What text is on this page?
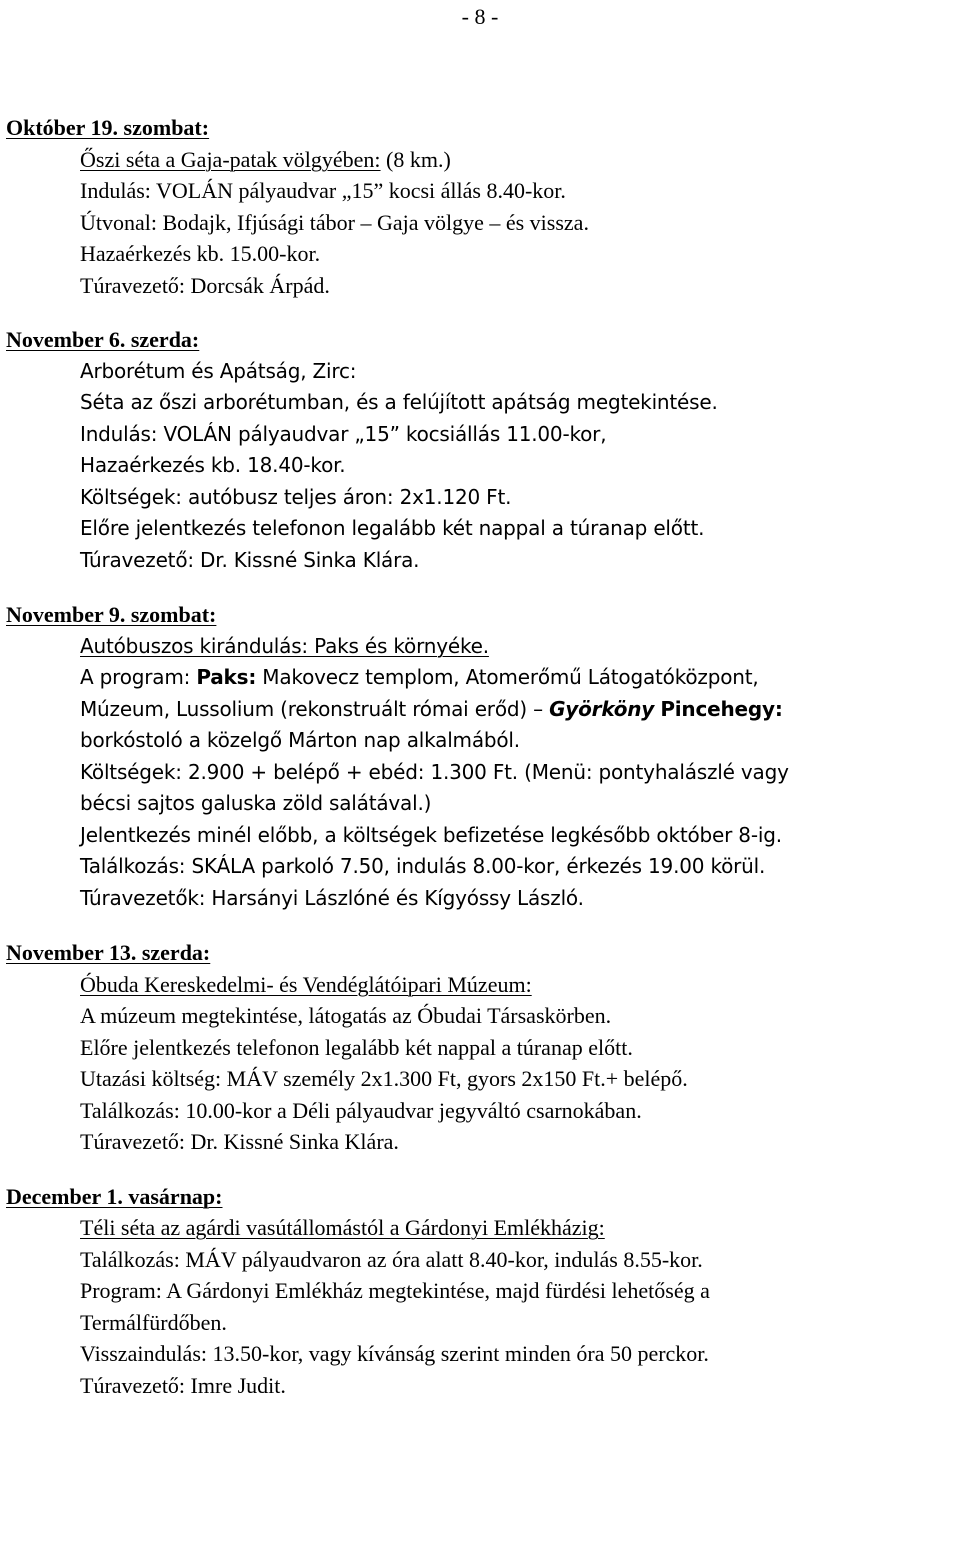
- 8 -
Október 19. szombat:
Őszi séta a Gaja-patak völgyében: (8 km.)
Indulás: VOLÁN pályaudvar „15” kocsi állás 8.40-kor.
Útvonal: Bodajk, Ifjúsági tábor – Gaja völgye – és vissza.
Hazaérkezés kb. 15.00-kor.
Túravezető: Dorcsák Árpád.
November 6. szerda:
Arborétum és Apátság, Zirc:
Séta az őszi arborétumban, és a felújított apátság megtekintése.
Indulás: VOLÁN pályaudvar „15” kocsiállás 11.00-kor,
Hazaérkezés kb. 18.40-kor.
Költségek: autóbusz teljes áron: 2x1.120 Ft.
Előre jelentkezés telefonon legalább két nappal a túranap előtt.
Túravezető: Dr. Kissné Sinka Klára.
November 9. szombat:
Autóbuszos kirándulás: Paks és környéke.
A program: Paks: Makovecz templom, Atomerőmű Látogatóközpont,
Múzeum, Lussolium (rekonstruált római erőd) – Györköny Pincehegy:
borkóstoló a közelgő Márton nap alkalmából.
Költségek: 2.900 + belépő + ebéd: 1.300 Ft. (Menü: pontyhalászlé vagy
bécsi sajtos galuska zöld salátával.)
Jelentkezés minél előbb, a költségek befizetése legkésőbb október 8-ig.
Találkozás: SKÁLA parkoló 7.50, indulás 8.00-kor, érkezés 19.00 körül.
Túravezetők: Harsányi Lászlóné és Kígyóssy László.
November 13. szerda:
Óbuda Kereskedelmi- és Vendéglátóipari Múzeum:
A múzeum megtekintése, látogatás az Óbudai Társaskörben.
Előre jelentkezés telefonon legalább két nappal a túranap előtt.
Utazási költség: MÁV személy 2x1.300 Ft, gyors 2x150 Ft.+ belépő.
Találkozás: 10.00-kor a Déli pályaudvar jegyváltó csarnokában.
Túravezető: Dr. Kissné Sinka Klára.
December 1. vasárnap:
Téli séta az agárdi vasútállomástól a Gárdonyi Emlékházig:
Találkozás: MÁV pályaudvaron az óra alatt 8.40-kor, indulás 8.55-kor.
Program: A Gárdonyi Emlékház megtekintése, majd fürdési lehetőség a
Termálfürdőben.
Visszaindulás: 13.50-kor, vagy kívánság szerint minden óra 50 perckor.
Túravezető: Imre Judit.
